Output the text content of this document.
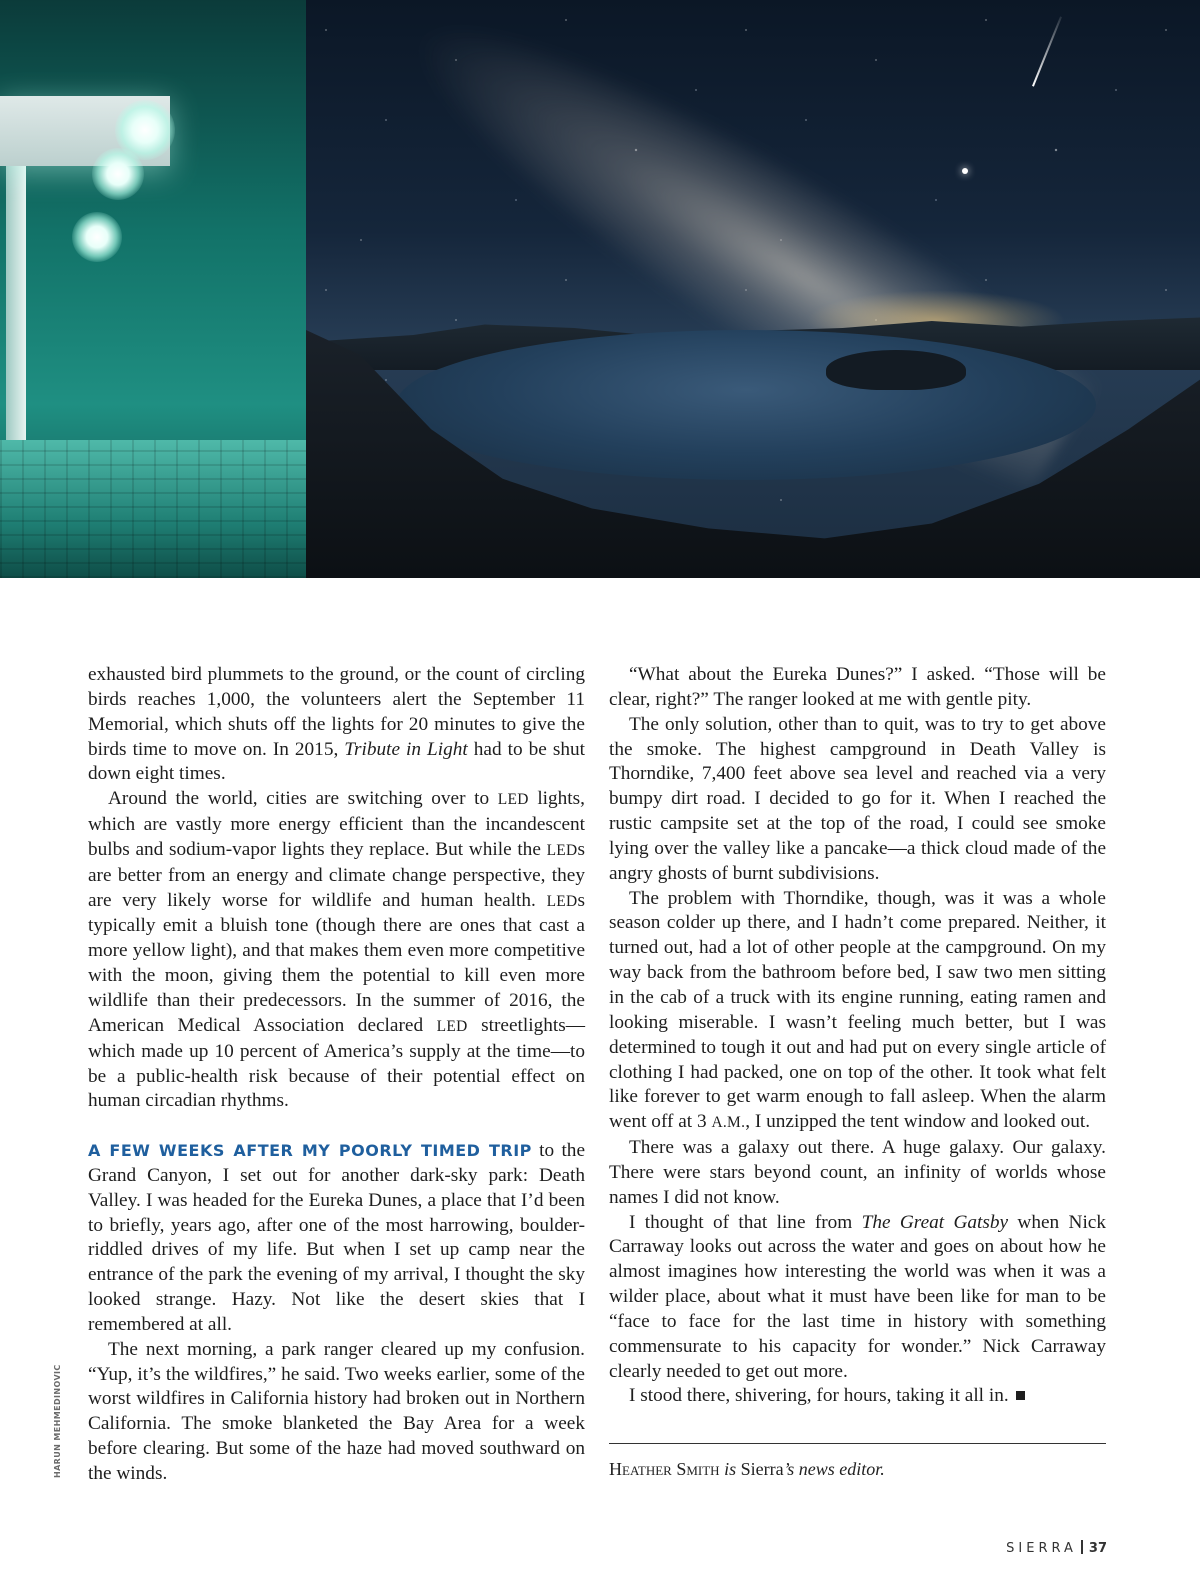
exhausted bird plummets to the ground, or the count of circling birds reaches 1,000, the volunteers alert the September 11 Memorial, which shuts off the lights for 20 minutes to give the birds time to move on. In 2015, Tribute in Light had to be shut down eight times.

Around the world, cities are switching over to LED lights, which are vastly more energy efficient than the incandescent bulbs and sodium-vapor lights they replace. But while the LEDs are better from an energy and climate change perspective, they are very likely worse for wildlife and human health. LEDs typically emit a bluish tone (though there are ones that cast a more yellow light), and that makes them even more competitive with the moon, giving them the potential to kill even more wildlife than their predecessors. In the summer of 2016, the American Medical Association declared LED streetlights—which made up 10 percent of America’s supply at the time—to be a public-health risk because of their potential effect on human circadian rhythms.

A FEW WEEKS AFTER MY POORLY TIMED TRIP to the Grand Canyon, I set out for another dark-sky park: Death Valley. I was headed for the Eureka Dunes, a place that I’d been to briefly, years ago, after one of the most harrowing, boulder-riddled drives of my life. But when I set up camp near the entrance of the park the evening of my arrival, I thought the sky looked strange. Hazy. Not like the desert skies that I remembered at all.

The next morning, a park ranger cleared up my confusion. “Yup, it’s the wildfires,” he said. Two weeks earlier, some of the worst wildfires in California history had broken out in Northern California. The smoke blanketed the Bay Area for a week before clearing. But some of the haze had moved southward on the winds.

“What about the Eureka Dunes?” I asked. “Those will be clear, right?” The ranger looked at me with gentle pity.

The only solution, other than to quit, was to try to get above the smoke. The highest campground in Death Valley is Thorndike, 7,400 feet above sea level and reached via a very bumpy dirt road. I decided to go for it. When I reached the rustic campsite set at the top of the road, I could see smoke lying over the valley like a pancake—a thick cloud made of the angry ghosts of burnt subdivisions.

The problem with Thorndike, though, was it was a whole season colder up there, and I hadn’t come prepared. Neither, it turned out, had a lot of other people at the campground. On my way back from the bathroom before bed, I saw two men sitting in the cab of a truck with its engine running, eating ramen and looking miserable. I wasn’t feeling much better, but I was determined to tough it out and had put on every single article of clothing I had packed, one on top of the other. It took what felt like forever to get warm enough to fall asleep. When the alarm went off at 3 A.M., I unzipped the tent window and looked out.

There was a galaxy out there. A huge galaxy. Our galaxy. There were stars beyond count, an infinity of worlds whose names I did not know.

I thought of that line from The Great Gatsby when Nick Carraway looks out across the water and goes on about how he almost imagines how interesting the world was when it was a wilder place, about what it must have been like for man to be “face to face for the last time in history with something commensurate to his capacity for wonder.” Nick Carraway clearly needed to get out more.

I stood there, shivering, for hours, taking it all in.

Heather Smith is Sierra’s news editor.
HARUN MEHMEDINOVIC
SIERRA 37
